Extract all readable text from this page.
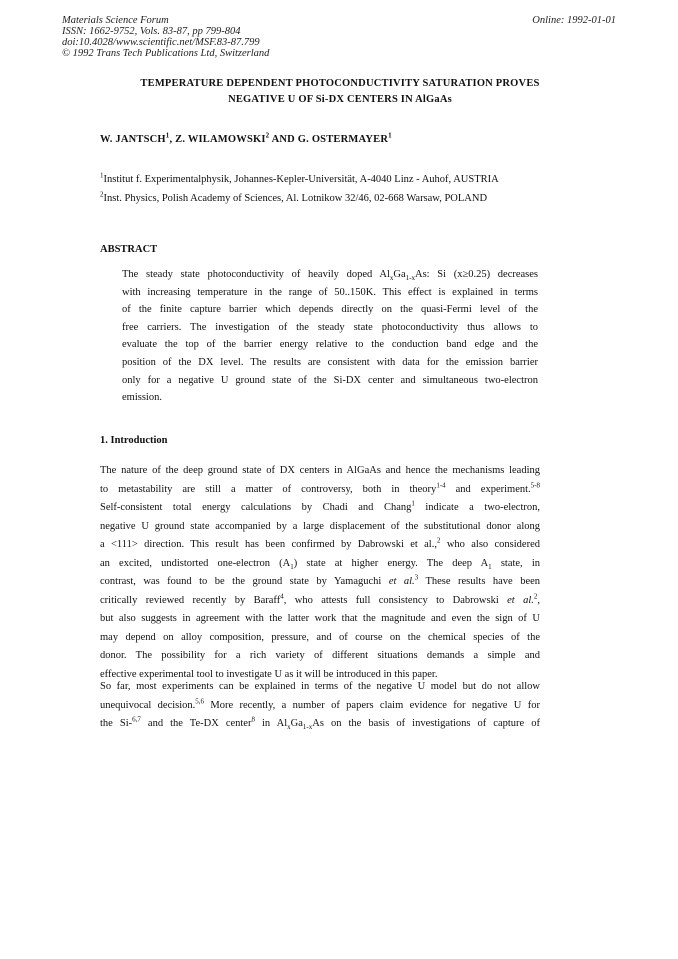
Materials Science Forum
ISSN: 1662-9752, Vols. 83-87, pp 799-804
doi:10.4028/www.scientific.net/MSF.83-87.799
© 1992 Trans Tech Publications Ltd, Switzerland
Online: 1992-01-01
TEMPERATURE DEPENDENT PHOTOCONDUCTIVITY SATURATION PROVES
NEGATIVE U OF Si-DX CENTERS IN AlGaAs
W. JANTSCH$^1$, Z. WILAMOWSKI$^2$ AND G. OSTERMAYER$^1$
$^1$Institut f. Experimentalphysik, Johannes-Kepler-Universität, A-4040 Linz - Auhof, AUSTRIA
$^2$Inst. Physics, Polish Academy of Sciences, Al. Lotnikow 32/46, 02-668 Warsaw, POLAND
ABSTRACT
The steady state photoconductivity of heavily doped $Al_xGa_{1-x}As$: Si (x≥0.25) decreases
with increasing temperature in the range of 50..150K. This effect is explained in terms
of the finite capture barrier which depends directly on the quasi-Fermi level of the
free carriers. The investigation of the steady state photoconductivity thus allows to
evaluate the top of the barrier energy relative to the conduction band edge and the
position of the DX level. The results are consistent with data for the emission barrier
only for a negative U ground state of the Si-DX center and simultaneous two-electron
emission.
1. Introduction
The nature of the deep ground state of DX centers in AlGaAs and hence the mechanisms leading
to metastability are still a matter of controversy, both in theory$^{1-4}$ and experiment.$^{5-8}$
Self-consistent total energy calculations by Chadi and Chang$^1$ indicate a two-electron,
negative U ground state accompanied by a large displacement of the substitutional donor along
a <111> direction. This result has been confirmed by Dabrowski et al.,$^2$ who also considered
an excited, undistorted one-electron $(A_1)$ state at higher energy. The deep $A_1$ state, in
contrast, was found to be the ground state by Yamaguchi et al.$^3$ These results have been
critically reviewed recently by Baraff$^4$, who attests full consistency to Dabrowski et al.$^2$,
but also suggests in agreement with the latter work that the magnitude and even the sign of U
may depend on alloy composition, pressure, and of course on the chemical species of the
donor. The possibility for a rich variety of different situations demands a simple and
effective experimental tool to investigate U as it will be introduced in this paper.
So far, most experiments can be explained in terms of the negative U model but do not allow
unequivocal decision.$^{5,6}$ More recently, a number of papers claim evidence for negative U for
the Si-$^{6,7}$ and the Te-DX center$^8$ in $Al_xGa_{1-x}As$ on the basis of investigations of capture of
